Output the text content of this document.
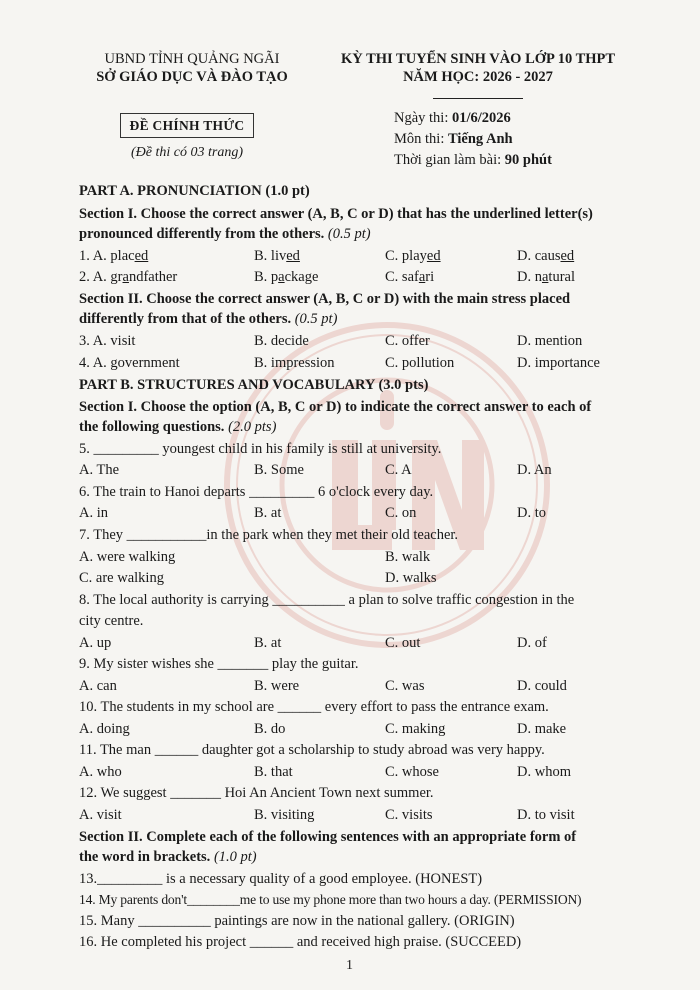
UBND TỈNH QUẢNG NGÃI
SỞ GIÁO DỤC VÀ ĐÀO TẠO
KỲ THI TUYỂN SINH VÀO LỚP 10 THPT
NĂM HỌC: 2026 - 2027
ĐỀ CHÍNH THỨC
(Đề thi có 03 trang)
Ngày thi: 01/6/2026
Môn thi: Tiếng Anh
Thời gian làm bài: 90 phút
PART A. PRONUNCIATION (1.0 pt)
Section I. Choose the correct answer (A, B, C or D) that has the underlined letter(s)
pronounced differently from the others. (0.5 pt)
1. A. placed	B. lived	C. played	D. caused
2. A. grandfather	B. package	C. safari	D. natural
Section II. Choose the correct answer (A, B, C or D) with the main stress placed
differently from that of the others. (0.5 pt)
3. A. visit	B. decide	C. offer	D. mention
4. A. government	B. impression	C. pollution	D. importance
PART B. STRUCTURES AND VOCABULARY (3.0 pts)
Section I. Choose the option (A, B, C or D) to indicate the correct answer to each of
the following questions. (2.0 pts)
5. _________ youngest child in his family is still at university.
A. The	B. Some	C. A	D. An
6. The train to Hanoi departs _________ 6 o'clock every day.
A. in	B. at	C. on	D. to
7. They ___________in the park when they met their old teacher.
A. were walking	B. walk
C. are walking	D. walks
8. The local authority is carrying __________ a plan to solve traffic congestion in the
city centre.
A. up	B. at	C. out	D. of
9. My sister wishes she _______ play the guitar.
A. can	B. were	C. was	D. could
10. The students in my school are ______ every effort to pass the entrance exam.
A. doing	B. do	C. making	D. make
11. The man ______ daughter got a scholarship to study abroad was very happy.
A. who	B. that	C. whose	D. whom
12. We suggest _______ Hoi An Ancient Town next summer.
A. visit	B. visiting	C. visits	D. to visit
Section II. Complete each of the following sentences with an appropriate form of
the word in brackets. (1.0 pt)
13._________ is a necessary quality of a good employee. (HONEST)
14. My parents don't________me to use my phone more than two hours a day. (PERMISSION)
15. Many __________ paintings are now in the national gallery. (ORIGIN)
16. He completed his project ______ and received high praise. (SUCCEED)
1
